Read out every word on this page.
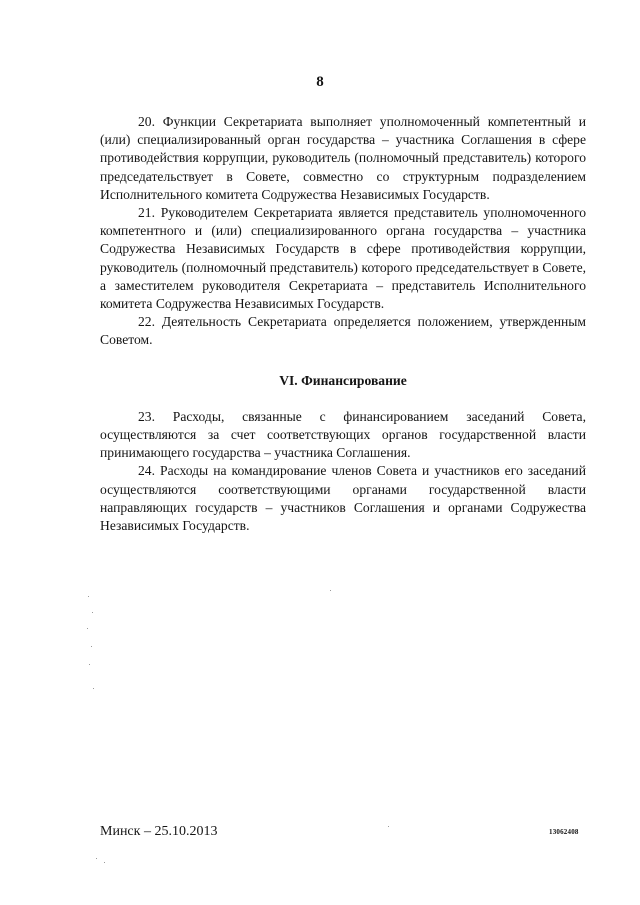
8

20. Функции Секретариата выполняет уполномоченный компетентный и (или) специализированный орган государства – участника Соглашения в сфере противодействия коррупции, руководитель (полномочный представитель) которого председательствует в Совете, совместно со структурным подразделением Исполнительного комитета Содружества Независимых Государств.

21. Руководителем Секретариата является представитель уполномоченного компетентного и (или) специализированного органа государства – участника Содружества Независимых Государств в сфере противодействия коррупции, руководитель (полномочный представитель) которого председательствует в Совете, а заместителем руководителя Секретариата – представитель Исполнительного комитета Содружества Независимых Государств.

22. Деятельность Секретариата определяется положением, утвержденным Советом.

VI. Финансирование

23. Расходы, связанные с финансированием заседаний Совета, осуществляются за счет соответствующих органов государственной власти принимающего государства – участника Соглашения.

24. Расходы на командирование членов Совета и участников его заседаний осуществляются соответствующими органами государственной власти направляющих государств – участников Соглашения и органами Содружества Независимых Государств.

Минск – 25.10.2013	13062408
